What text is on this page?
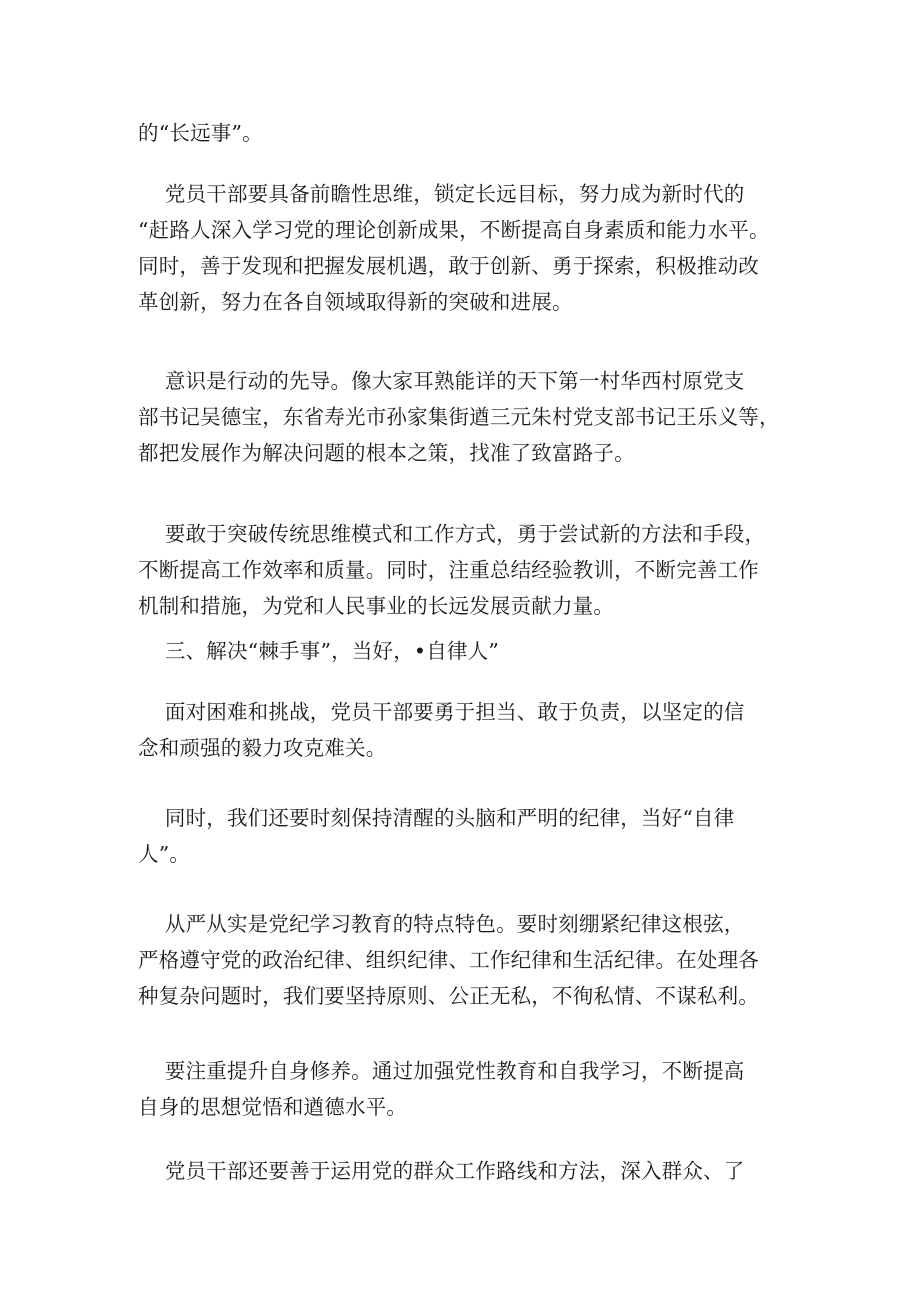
的“长远事”。
党员干部要具备前瞻性思维，锁定长远目标，努力成为新时代的
“赶路人深入学习党的理论创新成果，不断提高自身素质和能力水平。
同时，善于发现和把握发展机遇，敢于创新、勇于探索，积极推动改
革创新，努力在各自领域取得新的突破和进展。
意识是行动的先导。像大家耳熟能详的天下第一村华西村原党支
部书记吴德宝，东省寿光市孙家集街遒三元朱村党支部书记王乐义等，
都把发展作为解决问题的根本之策，找准了致富路子。
要敢于突破传统思维模式和工作方式，勇于尝试新的方法和手段，
不断提高工作效率和质量。同时，注重总结经验教训，不断完善工作
机制和措施，为党和人民事业的长远发展贡献力量。
三、解决“棘手事”，当好，•自律人”
面对困难和挑战，党员干部要勇于担当、敢于负责，以坚定的信
念和顽强的毅力攻克难关。
同时，我们还要时刻保持清醒的头脑和严明的纪律，当好“自律
人”。
从严从实是党纪学习教育的特点特色。要时刻绷紧纪律这根弦，
严格遵守党的政治纪律、组织纪律、工作纪律和生活纪律。在处理各
种复杂问题时，我们要坚持原则、公正无私，不徇私情、不谋私利。
要注重提升自身修养。通过加强党性教育和自我学习，不断提高
自身的思想觉悟和遒德水平。
党员干部还要善于运用党的群众工作路线和方法，深入群众、了
